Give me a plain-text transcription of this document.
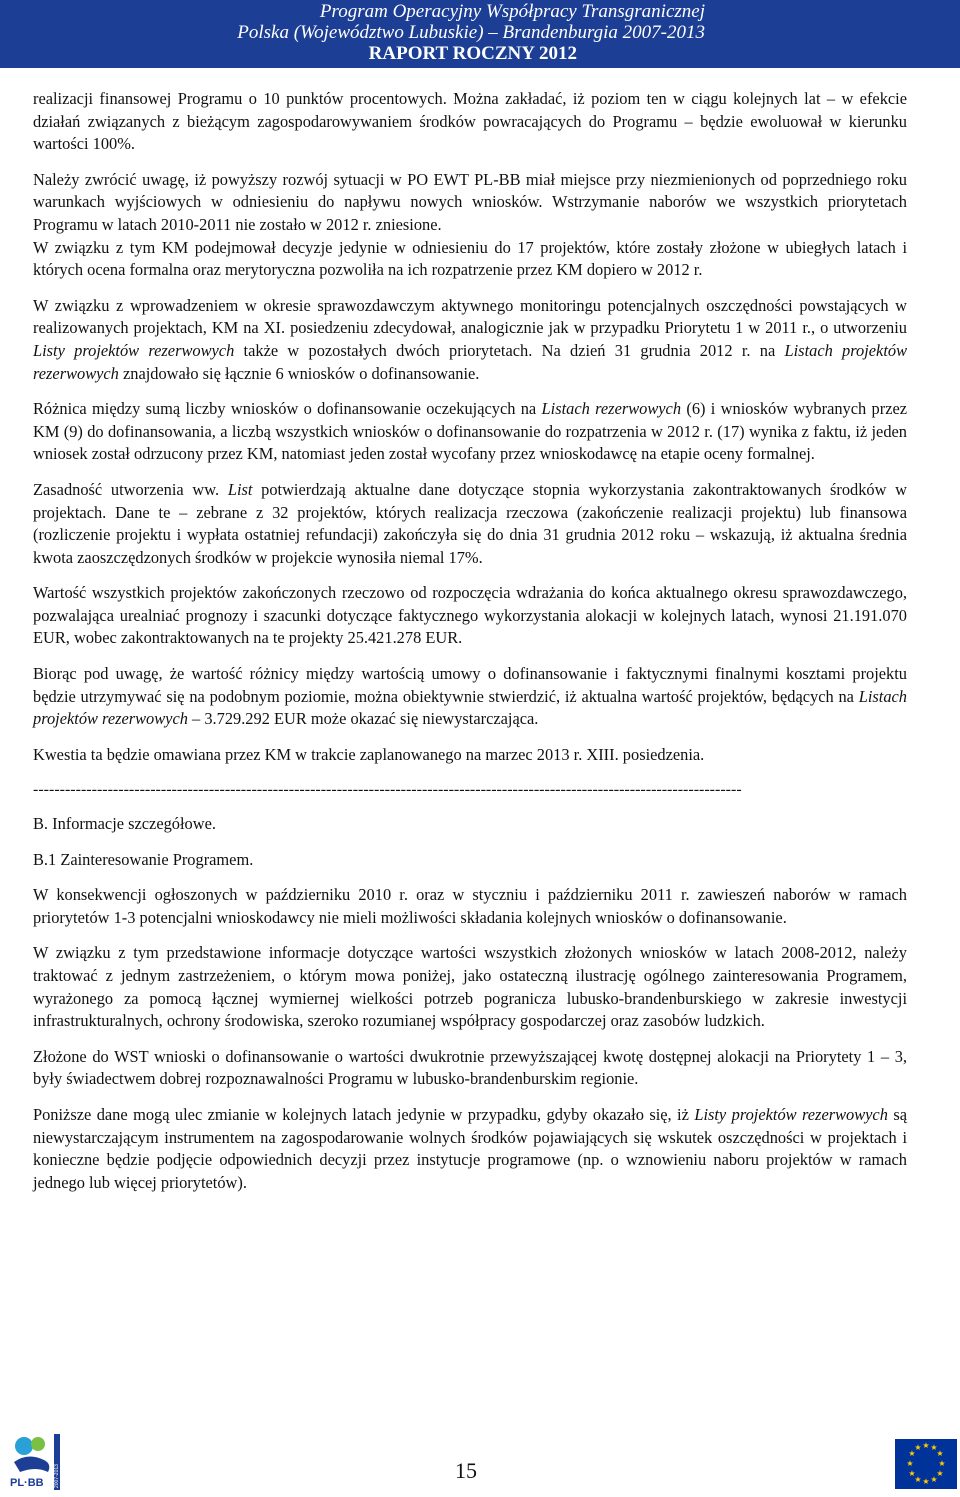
Program Operacyjny Współpracy Transgranicznej
Polska (Województwo Lubuskie) – Brandenburgia 2007-2013
RAPORT ROCZNY 2012

realizacji finansowej Programu o 10 punktów procentowych. Można zakładać, iż poziom ten w ciągu kolejnych lat – w efekcie działań związanych z bieżącym zagospodarowywaniem środków powracających do Programu – będzie ewoluował w kierunku wartości 100%.

Należy zwrócić uwagę, iż powyższy rozwój sytuacji w PO EWT PL-BB miał miejsce przy niezmienionych od poprzedniego roku warunkach wyjściowych w odniesieniu do napływu nowych wniosków. Wstrzymanie naborów we wszystkich priorytetach Programu w latach 2010-2011 nie zostało w 2012 r. zniesione.

W związku z tym KM podejmował decyzje jedynie w odniesieniu do 17 projektów, które zostały złożone w ubiegłych latach i których ocena formalna oraz merytoryczna pozwoliła na ich rozpatrzenie przez KM dopiero w 2012 r.

W związku z wprowadzeniem w okresie sprawozdawczym aktywnego monitoringu potencjalnych oszczędności powstających w realizowanych projektach, KM na XI. posiedzeniu zdecydował, analogicznie jak w przypadku Priorytetu 1 w 2011 r., o utworzeniu Listy projektów rezerwowych także w pozostałych dwóch priorytetach. Na dzień 31 grudnia 2012 r. na Listach projektów rezerwowych znajdowało się łącznie 6 wniosków o dofinansowanie.

Różnica między sumą liczby wniosków o dofinansowanie oczekujących na Listach rezerwowych (6) i wniosków wybranych przez KM (9) do dofinansowania, a liczbą wszystkich wniosków o dofinansowanie do rozpatrzenia w 2012 r. (17) wynika z faktu, iż jeden wniosek został odrzucony przez KM, natomiast jeden został wycofany przez wnioskodawcę na etapie oceny formalnej.

Zasadność utworzenia ww. List potwierdzają aktualne dane dotyczące stopnia wykorzystania zakontraktowanych środków w projektach. Dane te – zebrane z 32 projektów, których realizacja rzeczowa (zakończenie realizacji projektu) lub finansowa (rozliczenie projektu i wypłata ostatniej refundacji) zakończyła się do dnia 31 grudnia 2012 roku – wskazują, iż aktualna średnia kwota zaoszczędzonych środków w projekcie wynosiła niemal 17%.

Wartość wszystkich projektów zakończonych rzeczowo od rozpoczęcia wdrażania do końca aktualnego okresu sprawozdawczego, pozwalająca urealniać prognozy i szacunki dotyczące faktycznego wykorzystania alokacji w kolejnych latach, wynosi 21.191.070 EUR, wobec zakontraktowanych na te projekty 25.421.278 EUR.

Biorąc pod uwagę, że wartość różnicy między wartością umowy o dofinansowanie i faktycznymi finalnymi kosztami projektu będzie utrzymywać się na podobnym poziomie, można obiektywnie stwierdzić, iż aktualna wartość projektów, będących na Listach projektów rezerwowych – 3.729.292 EUR może okazać się niewystarczająca.

Kwestia ta będzie omawiana przez KM w trakcie zaplanowanego na marzec 2013 r. XIII. posiedzenia.

-------------------------------------------------------------------------------------------------------------------------------------

B. Informacje szczegółowe.

B.1 Zainteresowanie Programem.

W konsekwencji ogłoszonych w październiku 2010 r. oraz w styczniu i październiku 2011 r. zawieszeń naborów w ramach priorytetów 1-3 potencjalni wnioskodawcy nie mieli możliwości składania kolejnych wniosków o dofinansowanie.

W związku z tym przedstawione informacje dotyczące wartości wszystkich złożonych wniosków w latach 2008-2012, należy traktować z jednym zastrzeżeniem, o którym mowa poniżej, jako ostateczną ilustrację ogólnego zainteresowania Programem, wyrażonego za pomocą łącznej wymiernej wielkości potrzeb pogranicza lubusko-brandenburskiego w zakresie inwestycji infrastrukturalnych, ochrony środowiska, szeroko rozumianej współpracy gospodarczej oraz zasobów ludzkich.

Złożone do WST wnioski o dofinansowanie o wartości dwukrotnie przewyższającej kwotę dostępnej alokacji na Priorytety 1 – 3, były świadectwem dobrej rozpoznawalności Programu w lubusko-brandenburskim regionie.

Poniższe dane mogą ulec zmianie w kolejnych latach jedynie w przypadku, gdyby okazało się, iż Listy projektów rezerwowych są niewystarczającym instrumentem na zagospodarowanie wolnych środków pojawiających się wskutek oszczędności w projektach i konieczne będzie podjęcie odpowiednich decyzji przez instytucje programowe (np. o wznowieniu naboru projektów w ramach jednego lub więcej priorytetów).

PL·BB 2007-2013	15
★ ★
★
★
★
★
★
★
★
★
★
★
